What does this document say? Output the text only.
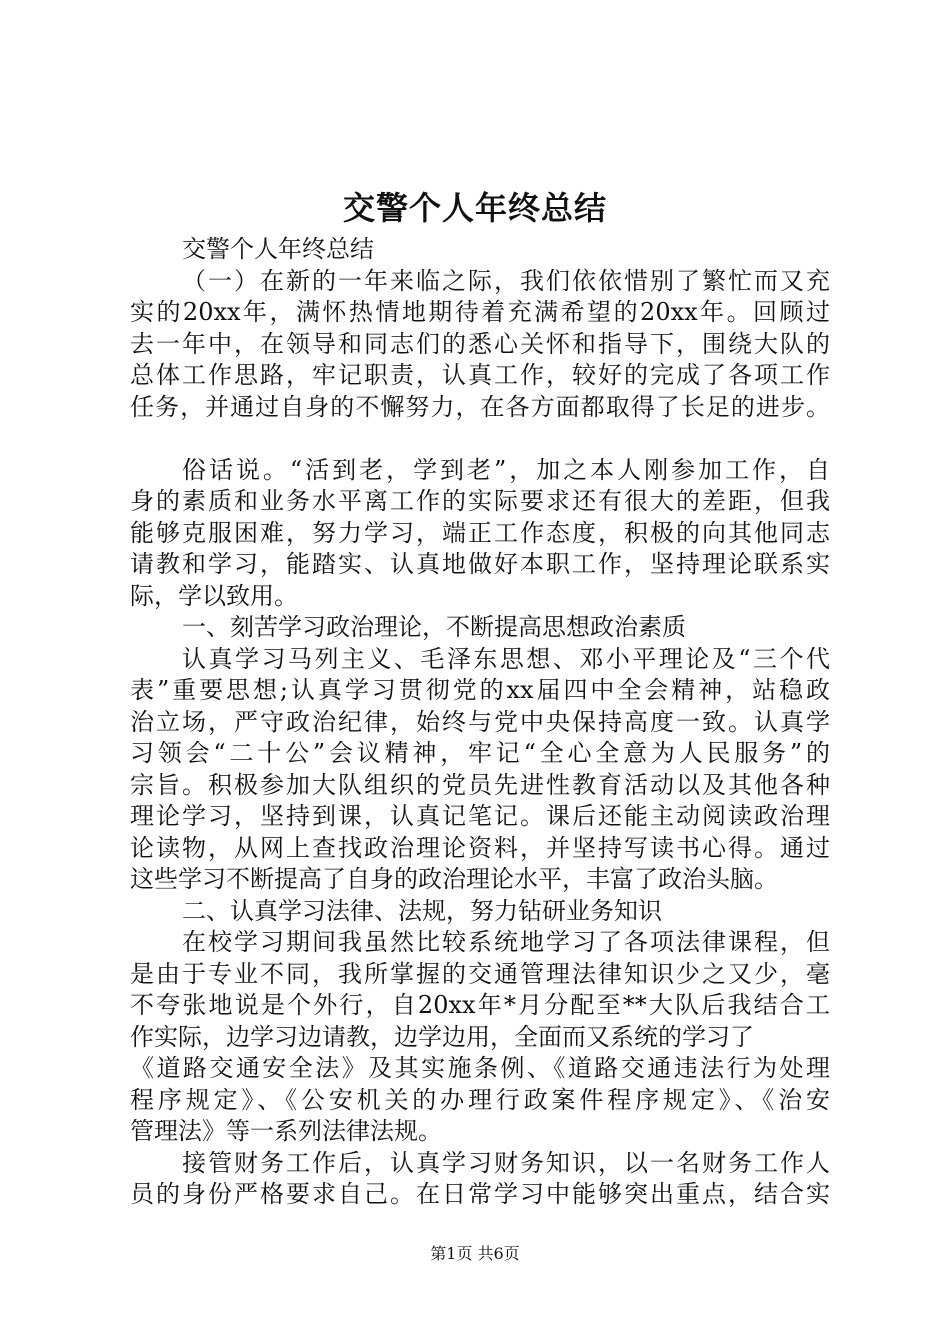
交警个人年终总结
交警个人年终总结
（一）在新的一年来临之际，我们依依惜别了繁忙而又充
实的20xx年，满怀热情地期待着充满希望的20xx年。回顾过
去一年中，在领导和同志们的悉心关怀和指导下，围绕大队的
总体工作思路，牢记职责，认真工作，较好的完成了各项工作
任务，并通过自身的不懈努力，在各方面都取得了长足的进步。
俗话说。“活到老，学到老”，加之本人刚参加工作，自
身的素质和业务水平离工作的实际要求还有很大的差距，但我
能够克服困难，努力学习，端正工作态度，积极的向其他同志
请教和学习，能踏实、认真地做好本职工作，坚持理论联系实
际，学以致用。
一、刻苦学习政治理论，不断提高思想政治素质
认真学习马列主义、毛泽东思想、邓小平理论及“三个代
表”重要思想;认真学习贯彻党的xx届四中全会精神，站稳政
治立场，严守政治纪律，始终与党中央保持高度一致。认真学
习领会“二十公”会议精神，牢记“全心全意为人民服务”的
宗旨。积极参加大队组织的党员先进性教育活动以及其他各种
理论学习，坚持到课，认真记笔记。课后还能主动阅读政治理
论读物，从网上查找政治理论资料，并坚持写读书心得。通过
这些学习不断提高了自身的政治理论水平，丰富了政治头脑。
二、认真学习法律、法规，努力钻研业务知识
在校学习期间我虽然比较系统地学习了各项法律课程，但
是由于专业不同，我所掌握的交通管理法律知识少之又少，毫
不夸张地说是个外行，自20xx年*月分配至**大队后我结合工
作实际，边学习边请教，边学边用，全面而又系统的学习了
《道路交通安全法》及其实施条例、《道路交通违法行为处理
程序规定》、《公安机关的办理行政案件程序规定》、《治安
管理法》等一系列法律法规。
接管财务工作后，认真学习财务知识，以一名财务工作人
员的身份严格要求自己。在日常学习中能够突出重点，结合实
第1页 共6页
